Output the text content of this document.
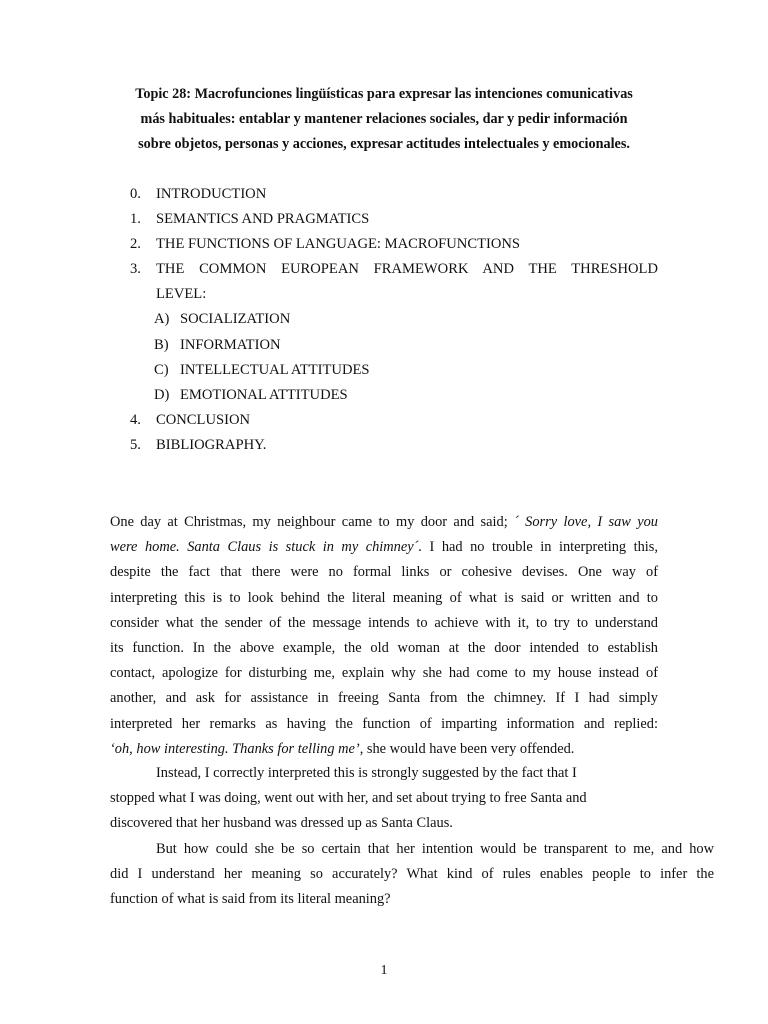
Topic 28: Macrofunciones lingüísticas para expresar las intenciones comunicativas
más habituales: entablar y mantener relaciones sociales, dar y pedir información
sobre objetos, personas y acciones, expresar actitudes intelectuales y emocionales.
0. INTRODUCTION
1. SEMANTICS AND PRAGMATICS
2. THE FUNCTIONS OF LANGUAGE: MACROFUNCTIONS
3. THE COMMON EUROPEAN FRAMEWORK AND THE THRESHOLD
LEVEL:
A) SOCIALIZATION
B) INFORMATION
C) INTELLECTUAL ATTITUDES
D) EMOTIONAL ATTITUDES
4. CONCLUSION
5. BIBLIOGRAPHY.
One day at Christmas, my neighbour came to my door and said; ´ Sorry love, I saw you
were home. Santa Claus is stuck in my chimney´. I had no trouble in interpreting this,
despite the fact that there were no formal links or cohesive devises. One way of
interpreting this is to look behind the literal meaning of what is said or written and to
consider what the sender of the message intends to achieve with it, to try to understand
its function. In the above example, the old woman at the door intended to establish
contact, apologize for disturbing me, explain why she had come to my house instead of
another, and ask for assistance in freeing Santa from the chimney. If I had simply
interpreted her remarks as having the function of imparting information and replied:
‘oh, how interesting. Thanks for telling me’, she would have been very offended.
Instead, I correctly interpreted this is strongly suggested by the fact that I
stopped what I was doing, went out with her, and set about trying to free Santa and
discovered that her husband was dressed up as Santa Claus.
But how could she be so certain that her intention would be transparent to me, and how
did I understand her meaning so accurately? What kind of rules enables people to infer the
function of what is said from its literal meaning?
1
